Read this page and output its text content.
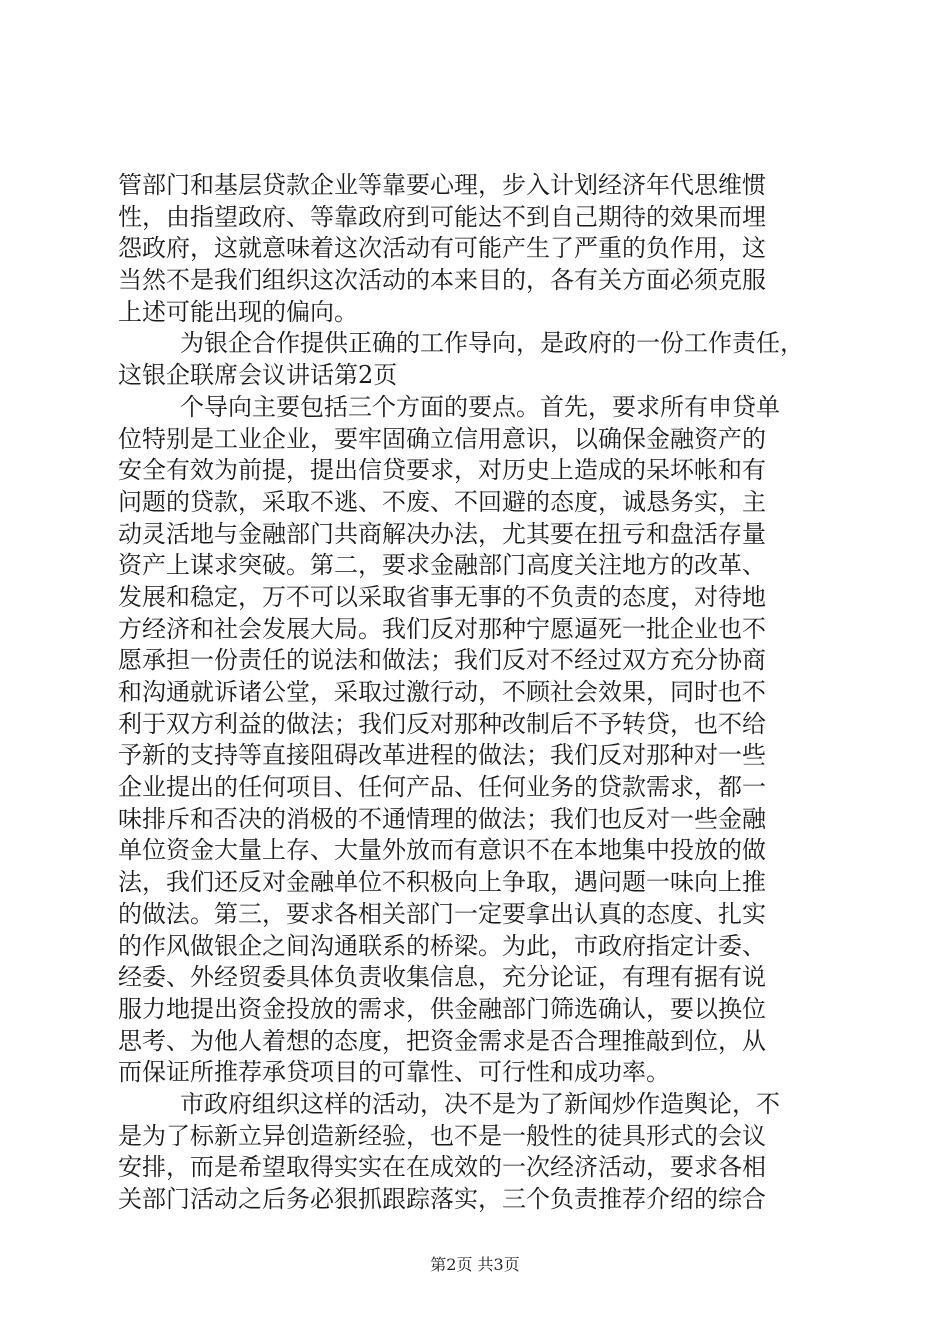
管部门和基层贷款企业等靠要心理，步入计划经济年代思维惯
性，由指望政府、等靠政府到可能达不到自己期待的效果而埋
怨政府，这就意味着这次活动有可能产生了严重的负作用，这
当然不是我们组织这次活动的本来目的，各有关方面必须克服
上述可能出现的偏向。
为银企合作提供正确的工作导向，是政府的一份工作责任，
这银企联席会议讲话第2页
个导向主要包括三个方面的要点。首先，要求所有申贷单
位特别是工业企业，要牢固确立信用意识，以确保金融资产的
安全有效为前提，提出信贷要求，对历史上造成的呆坏帐和有
问题的贷款，采取不逃、不废、不回避的态度，诚恳务实，主
动灵活地与金融部门共商解决办法，尤其要在扭亏和盘活存量
资产上谋求突破。第二，要求金融部门高度关注地方的改革、
发展和稳定，万不可以采取省事无事的不负责的态度，对待地
方经济和社会发展大局。我们反对那种宁愿逼死一批企业也不
愿承担一份责任的说法和做法；我们反对不经过双方充分协商
和沟通就诉诸公堂，采取过激行动，不顾社会效果，同时也不
利于双方利益的做法；我们反对那种改制后不予转贷，也不给
予新的支持等直接阻碍改革进程的做法；我们反对那种对一些
企业提出的任何项目、任何产品、任何业务的贷款需求，都一
味排斥和否决的消极的不通情理的做法；我们也反对一些金融
单位资金大量上存、大量外放而有意识不在本地集中投放的做
法，我们还反对金融单位不积极向上争取，遇问题一味向上推
的做法。第三，要求各相关部门一定要拿出认真的态度、扎实
的作风做银企之间沟通联系的桥梁。为此，市政府指定计委、
经委、外经贸委具体负责收集信息，充分论证，有理有据有说
服力地提出资金投放的需求，供金融部门筛选确认，要以换位
思考、为他人着想的态度，把资金需求是否合理推敲到位，从
而保证所推荐承贷项目的可靠性、可行性和成功率。
市政府组织这样的活动，决不是为了新闻炒作造舆论，不
是为了标新立异创造新经验，也不是一般性的徒具形式的会议
安排，而是希望取得实实在在成效的一次经济活动，要求各相
关部门活动之后务必狠抓跟踪落实，三个负责推荐介绍的综合
第2页 共3页
